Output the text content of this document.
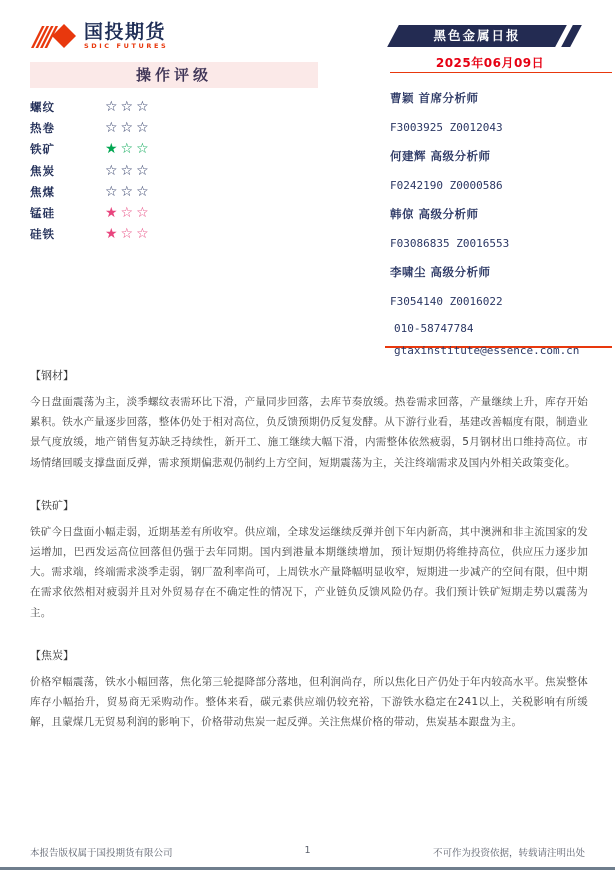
国投期货
SDIC FUTURES
黑色金属日报
2025年06月09日
操作评级
螺纹	☆☆☆
热卷	☆☆☆
铁矿	★☆☆
焦炭	☆☆☆
焦煤	☆☆☆
锰硅	★☆☆
硅铁	★☆☆
曹颖 首席分析师
F3003925 Z0012043
何建辉 高级分析师
F0242190 Z0000586
韩倞 高级分析师
F03086835 Z0016553
李啸尘 高级分析师
F3054140 Z0016022
010-58747784
gtaxinstitute@essence.com.cn
【钢材】
今日盘面震荡为主，淡季螺纹表需环比下滑，产量同步回落，去库节奏放缓。热卷需求回落，产量继续上升，库存开始累积。铁水产量逐步回落，整体仍处于相对高位，负反馈预期仍反复发酵。从下游行业看，基建改善幅度有限，制造业景气度放缓，地产销售复苏缺乏持续性，新开工、施工继续大幅下滑，内需整体依然疲弱，5月钢材出口维持高位。市场情绪回暖支撑盘面反弹，需求预期偏悲观仍制约上方空间，短期震荡为主，关注终端需求及国内外相关政策变化。
【铁矿】
铁矿今日盘面小幅走弱，近期基差有所收窄。供应端，全球发运继续反弹并创下年内新高，其中澳洲和非主流国家的发运增加，巴西发运高位回落但仍强于去年同期。国内到港量本期继续增加，预计短期仍将维持高位，供应压力逐步加大。需求端，终端需求淡季走弱，钢厂盈利率尚可，上周铁水产量降幅明显收窄，短期进一步减产的空间有限，但中期在需求依然相对疲弱并且对外贸易存在不确定性的情况下，产业链负反馈风险仍存。我们预计铁矿短期走势以震荡为主。
【焦炭】
价格窄幅震荡，铁水小幅回落，焦化第三轮提降部分落地，但利润尚存，所以焦化日产仍处于年内较高水平。焦炭整体库存小幅抬升，贸易商无采购动作。整体来看，碳元素供应端仍较充裕，下游铁水稳定在241以上，关税影响有所缓解，且蒙煤几无贸易利润的影响下，价格带动焦炭一起反弹。关注焦煤价格的带动，焦炭基本跟盘为主。
本报告版权属于国投期货有限公司	1	不可作为投资依据，转载请注明出处
